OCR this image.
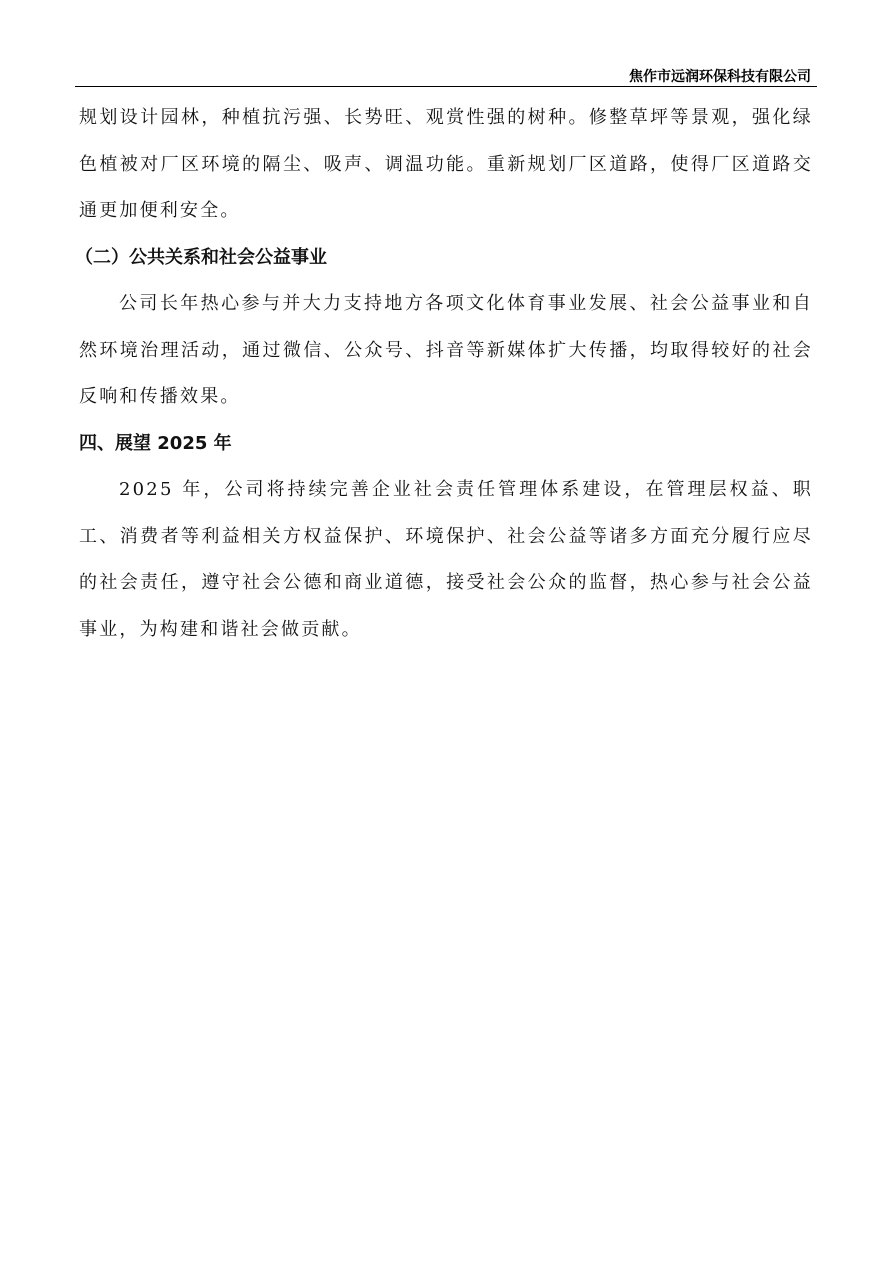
焦作市远润环保科技有限公司

规划设计园林，种植抗污强、长势旺、观赏性强的树种。修整草坪等景观，强化绿色植被对厂区环境的隔尘、吸声、调温功能。重新规划厂区道路，使得厂区道路交通更加便利安全。

（二）公共关系和社会公益事业

公司长年热心参与并大力支持地方各项文化体育事业发展、社会公益事业和自然环境治理活动，通过微信、公众号、抖音等新媒体扩大传播，均取得较好的社会反响和传播效果。

四、展望 2025 年

2025 年，公司将持续完善企业社会责任管理体系建设，在管理层权益、职工、消费者等利益相关方权益保护、环境保护、社会公益等诸多方面充分履行应尽的社会责任，遵守社会公德和商业道德，接受社会公众的监督，热心参与社会公益事业，为构建和谐社会做贡献。
